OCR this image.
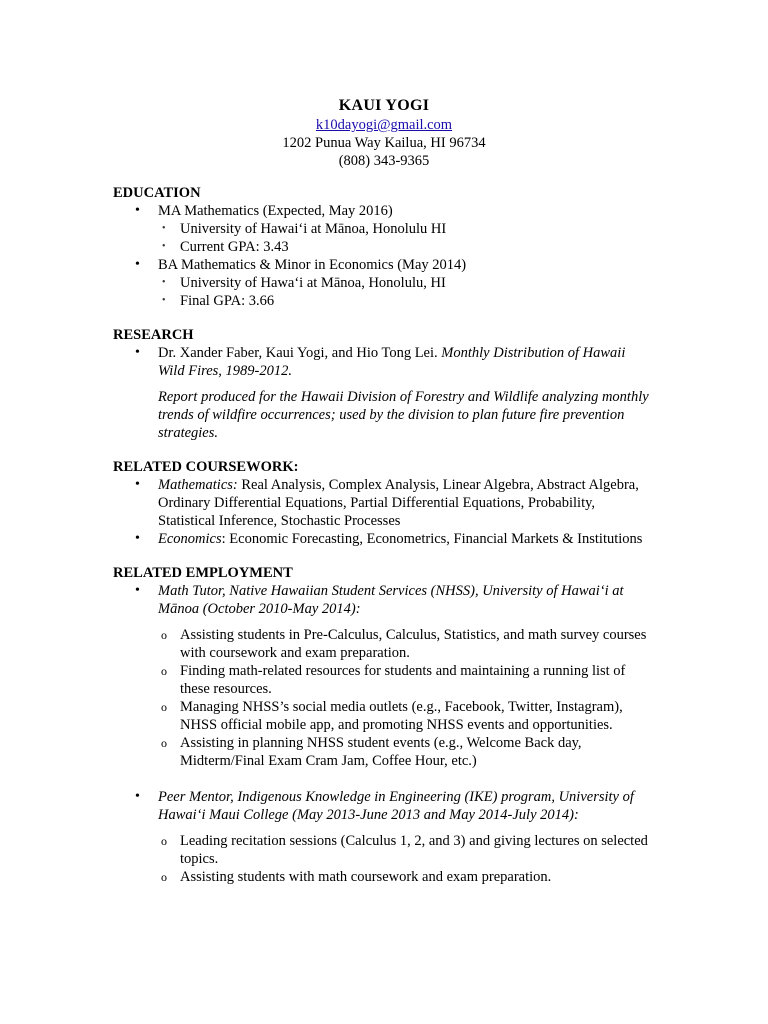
KAUI YOGI
k10dayogi@gmail.com
1202 Punua Way Kailua, HI 96734
(808) 343-9365
EDUCATION
• MA Mathematics (Expected, May 2016)
• University of Hawai‘i at Mānoa, Honolulu HI
• Current GPA: 3.43
• BA Mathematics & Minor in Economics (May 2014)
• University of Hawa‘i at Mānoa, Honolulu, HI
• Final GPA: 3.66
RESEARCH
• Dr. Xander Faber, Kaui Yogi, and Hio Tong Lei. Monthly Distribution of Hawaii Wild Fires, 1989-2012.
Report produced for the Hawaii Division of Forestry and Wildlife analyzing monthly trends of wildfire occurrences; used by the division to plan future fire prevention strategies.
RELATED COURSEWORK:
• Mathematics: Real Analysis, Complex Analysis, Linear Algebra, Abstract Algebra, Ordinary Differential Equations, Partial Differential Equations, Probability, Statistical Inference, Stochastic Processes
• Economics: Economic Forecasting, Econometrics, Financial Markets & Institutions
RELATED EMPLOYMENT
• Math Tutor, Native Hawaiian Student Services (NHSS), University of Hawai‘i at Mānoa (October 2010-May 2014):
o Assisting students in Pre-Calculus, Calculus, Statistics, and math survey courses with coursework and exam preparation.
o Finding math-related resources for students and maintaining a running list of these resources.
o Managing NHSS’s social media outlets (e.g., Facebook, Twitter, Instagram), NHSS official mobile app, and promoting NHSS events and opportunities.
o Assisting in planning NHSS student events (e.g., Welcome Back day, Midterm/Final Exam Cram Jam, Coffee Hour, etc.)
• Peer Mentor, Indigenous Knowledge in Engineering (IKE) program, University of Hawai‘i Maui College (May 2013-June 2013 and May 2014-July 2014):
o Leading recitation sessions (Calculus 1, 2, and 3) and giving lectures on selected topics.
o Assisting students with math coursework and exam preparation.
